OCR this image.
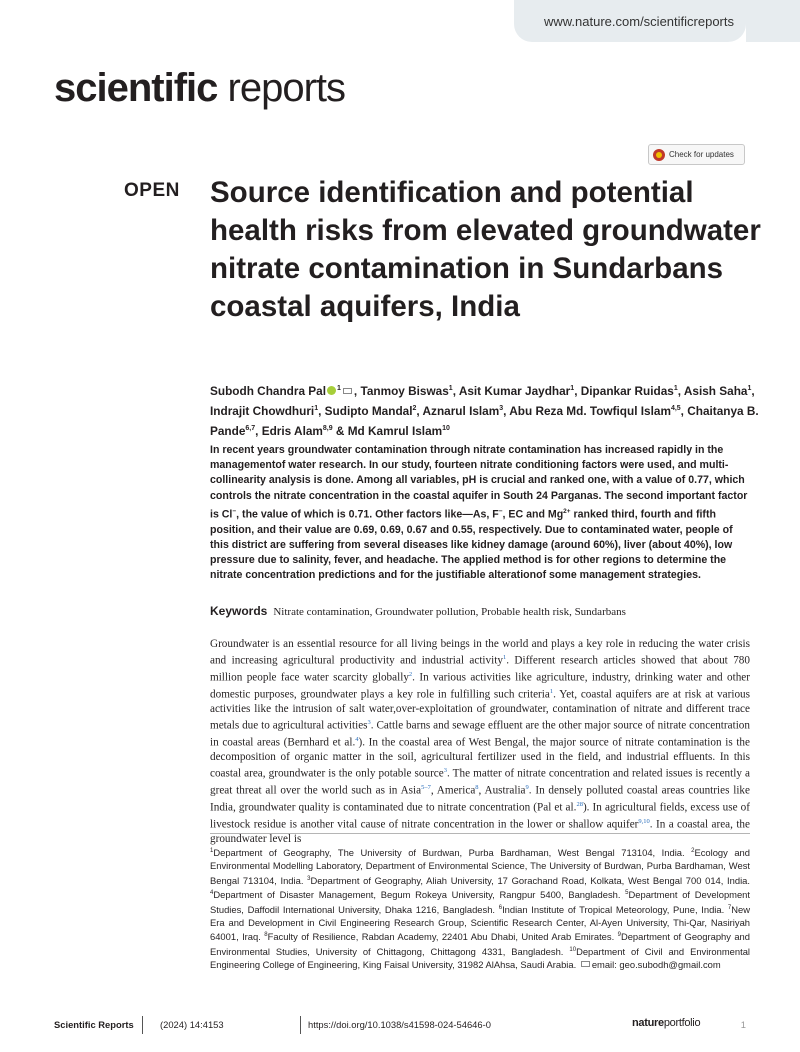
www.nature.com/scientificreports
scientific reports
Check for updates
OPEN Source identification and potential health risks from elevated groundwater nitrate contamination in Sundarbans coastal aquifers, India
Subodh Chandra Pal $^1$ , Tanmoy Biswas$^1$, Asit Kumar Jaydhar$^1$, Dipankar Ruidas$^1$, Asish Saha$^1$, Indrajit Chowdhuri$^1$, Sudipto Mandal$^2$, Aznarul Islam$^3$, Abu Reza Md. Towfiqul Islam$^{4,5}$, Chaitanya B. Pande$^{6,7}$, Edris Alam$^{8,9}$ & Md Kamrul Islam$^{10}$
In recent years groundwater contamination through nitrate contamination has increased rapidly in the managementof water research. In our study, fourteen nitrate conditioning factors were used, and multi-collinearity analysis is done. Among all variables, pH is crucial and ranked one, with a value of 0.77, which controls the nitrate concentration in the coastal aquifer in South 24 Parganas. The second important factor is Cl−, the value of which is 0.71. Other factors like—As, F−, EC and $Mg^{2+}$ ranked third, fourth and fifth position, and their value are 0.69, 0.69, 0.67 and 0.55, respectively. Due to contaminated water, people of this district are suffering from several diseases like kidney damage (around 60%), liver (about 40%), low pressure due to salinity, fever, and headache. The applied method is for other regions to determine the nitrate concentration predictions and for the justifiable alterationof some management strategies.
Keywords Nitrate contamination, Groundwater pollution, Probable health risk, Sundarbans
Groundwater is an essential resource for all living beings in the world and plays a key role in reducing the water crisis and increasing agricultural productivity and industrial activity$^1$. Different research articles showed that about 780 million people face water scarcity globally$^2$. In various activities like agriculture, industry, drinking water and other domestic purposes, groundwater plays a key role in fulfilling such criteria$^1$. Yet, coastal aquifers are at risk at various activities like the intrusion of salt water,over-exploitation of groundwater, contamination of nitrate and different trace metals due to agricultural activities$^3$. Cattle barns and sewage effluent are the other major source of nitrate concentration in coastal areas (Bernhard et al.$^4$). In the coastal area of West Bengal, the major source of nitrate contamination is the decomposition of organic matter in the soil, agricultural fertilizer used in the field, and industrial effluents. In this coastal area, groundwater is the only potable source$^3$. The matter of nitrate concentration and related issues is recently a great threat all over the world such as in Asia$^{5-7}$, America$^8$, Australia$^9$. In densely polluted coastal areas countries like India, groundwater quality is contaminated due to nitrate concentration (Pal et al.$^{28}$). In agricultural fields, excess use of livestock residue is another vital cause of nitrate concentration in the lower or shallow aquifer$^{9,10}$. In a coastal area, the groundwater level is
$^1$Department of Geography, The University of Burdwan, Purba Bardhaman, West Bengal 713104, India. $^2$Ecology and Environmental Modelling Laboratory, Department of Environmental Science, The University of Burdwan, Purba Bardhaman, West Bengal 713104, India. $^3$Department of Geography, Aliah University, 17 Gorachand Road, Kolkata, West Bengal 700 014, India. $^4$Department of Disaster Management, Begum Rokeya University, Rangpur 5400, Bangladesh. $^5$Department of Development Studies, Daffodil International University, Dhaka 1216, Bangladesh. $^6$Indian Institute of Tropical Meteorology, Pune, India. $^7$New Era and Development in Civil Engineering Research Group, Scientific Research Center, Al-Ayen University, Thi-Qar, Nasiriyah 64001, Iraq. $^8$Faculty of Resilience, Rabdan Academy, 22401 Abu Dhabi, United Arab Emirates. $^9$Department of Geography and Environmental Studies, University of Chittagong, Chittagong 4331, Bangladesh. $^{10}$Department of Civil and Environmental Engineering College of Engineering, King Faisal University, 31982 AlAhsa, Saudi Arabia. email: geo.subodh@gmail.com
Scientific Reports	(2024) 14:4153	https://doi.org/10.1038/s41598-024-54646-0	natureportfolio	1
